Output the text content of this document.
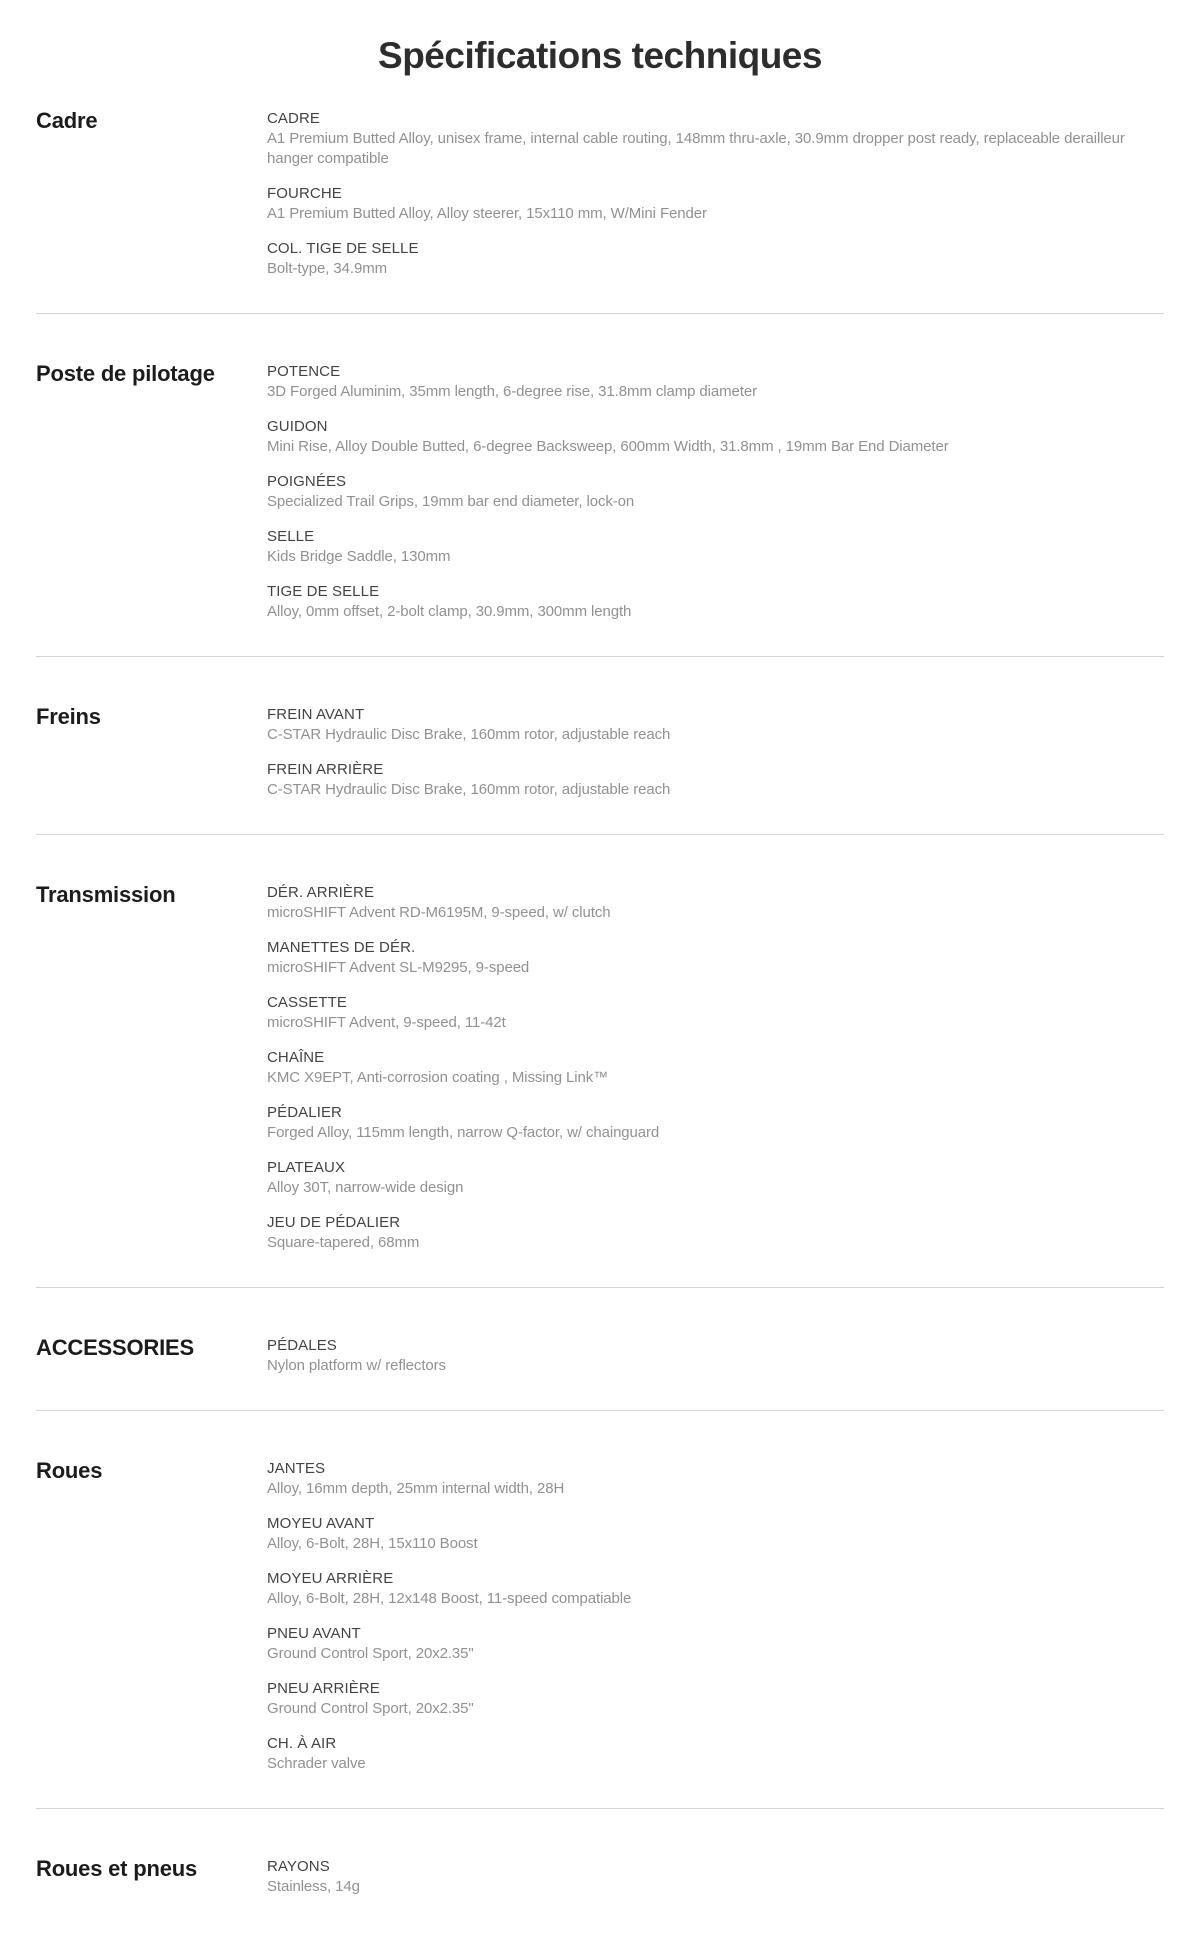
Spécifications techniques
Cadre	CADRE
A1 Premium Butted Alloy, unisex frame, internal cable routing, 148mm thru-axle, 30.9mm dropper post ready, replaceable derailleur hanger compatible
FOURCHE
A1 Premium Butted Alloy, Alloy steerer, 15x110 mm, W/Mini Fender
COL. TIGE DE SELLE
Bolt-type, 34.9mm
Poste de pilotage	POTENCE
3D Forged Aluminim, 35mm length, 6-degree rise, 31.8mm clamp diameter
GUIDON
Mini Rise, Alloy Double Butted, 6-degree Backsweep, 600mm Width, 31.8mm , 19mm Bar End Diameter
POIGNÉES
Specialized Trail Grips, 19mm bar end diameter, lock-on
SELLE
Kids Bridge Saddle, 130mm
TIGE DE SELLE
Alloy, 0mm offset, 2-bolt clamp, 30.9mm, 300mm length
Freins	FREIN AVANT
C-STAR Hydraulic Disc Brake, 160mm rotor, adjustable reach
FREIN ARRIÈRE
C-STAR Hydraulic Disc Brake, 160mm rotor, adjustable reach
Transmission	DÉR. ARRIÈRE
microSHIFT Advent RD-M6195M, 9-speed, w/ clutch
MANETTES DE DÉR.
microSHIFT Advent SL-M9295, 9-speed
CASSETTE
microSHIFT Advent, 9-speed, 11-42t
CHAÎNE
KMC X9EPT, Anti-corrosion coating , Missing Link™
PÉDALIER
Forged Alloy, 115mm length, narrow Q-factor, w/ chainguard
PLATEAUX
Alloy 30T, narrow-wide design
JEU DE PÉDALIER
Square-tapered, 68mm
ACCESSORIES	PÉDALES
Nylon platform w/ reflectors
Roues	JANTES
Alloy, 16mm depth, 25mm internal width, 28H
MOYEU AVANT
Alloy, 6-Bolt, 28H, 15x110 Boost
MOYEU ARRIÈRE
Alloy, 6-Bolt, 28H, 12x148 Boost, 11-speed compatiable
PNEU AVANT
Ground Control Sport, 20x2.35"
PNEU ARRIÈRE
Ground Control Sport, 20x2.35"
CH. À AIR
Schrader valve
Roues et pneus	RAYONS
Stainless, 14g
